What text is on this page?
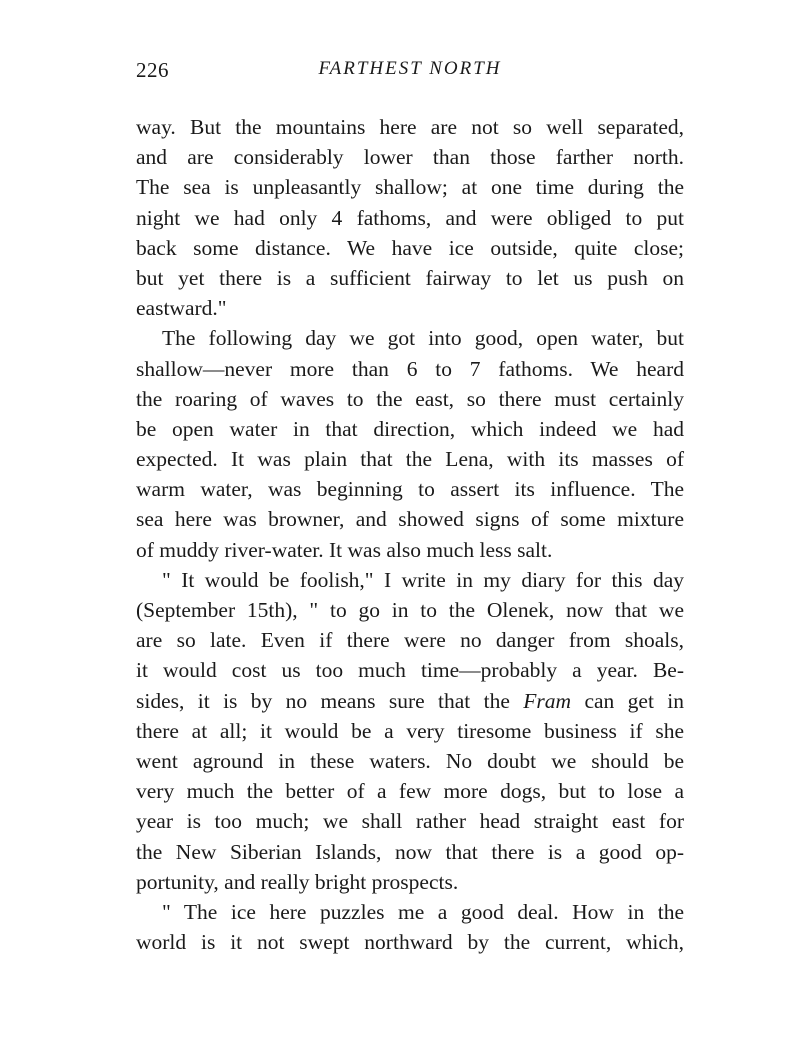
226	FARTHEST NORTH

way. But the mountains here are not so well separated,
and are considerably lower than those farther north.
The sea is unpleasantly shallow; at one time during the
night we had only 4 fathoms, and were obliged to put
back some distance. We have ice outside, quite close;
but yet there is a sufficient fairway to let us push on
eastward."

The following day we got into good, open water, but
shallow—never more than 6 to 7 fathoms. We heard
the roaring of waves to the east, so there must certainly
be open water in that direction, which indeed we had
expected. It was plain that the Lena, with its masses of
warm water, was beginning to assert its influence. The
sea here was browner, and showed signs of some mixture
of muddy river-water. It was also much less salt.

" It would be foolish," I write in my diary for this day
(September 15th), " to go in to the Olenek, now that we
are so late. Even if there were no danger from shoals,
it would cost us too much time—probably a year. Be-
sides, it is by no means sure that the Fram can get in
there at all; it would be a very tiresome business if she
went aground in these waters. No doubt we should be
very much the better of a few more dogs, but to lose a
year is too much; we shall rather head straight east for
the New Siberian Islands, now that there is a good op-
portunity, and really bright prospects.

" The ice here puzzles me a good deal. How in the
world is it not swept northward by the current, which,
